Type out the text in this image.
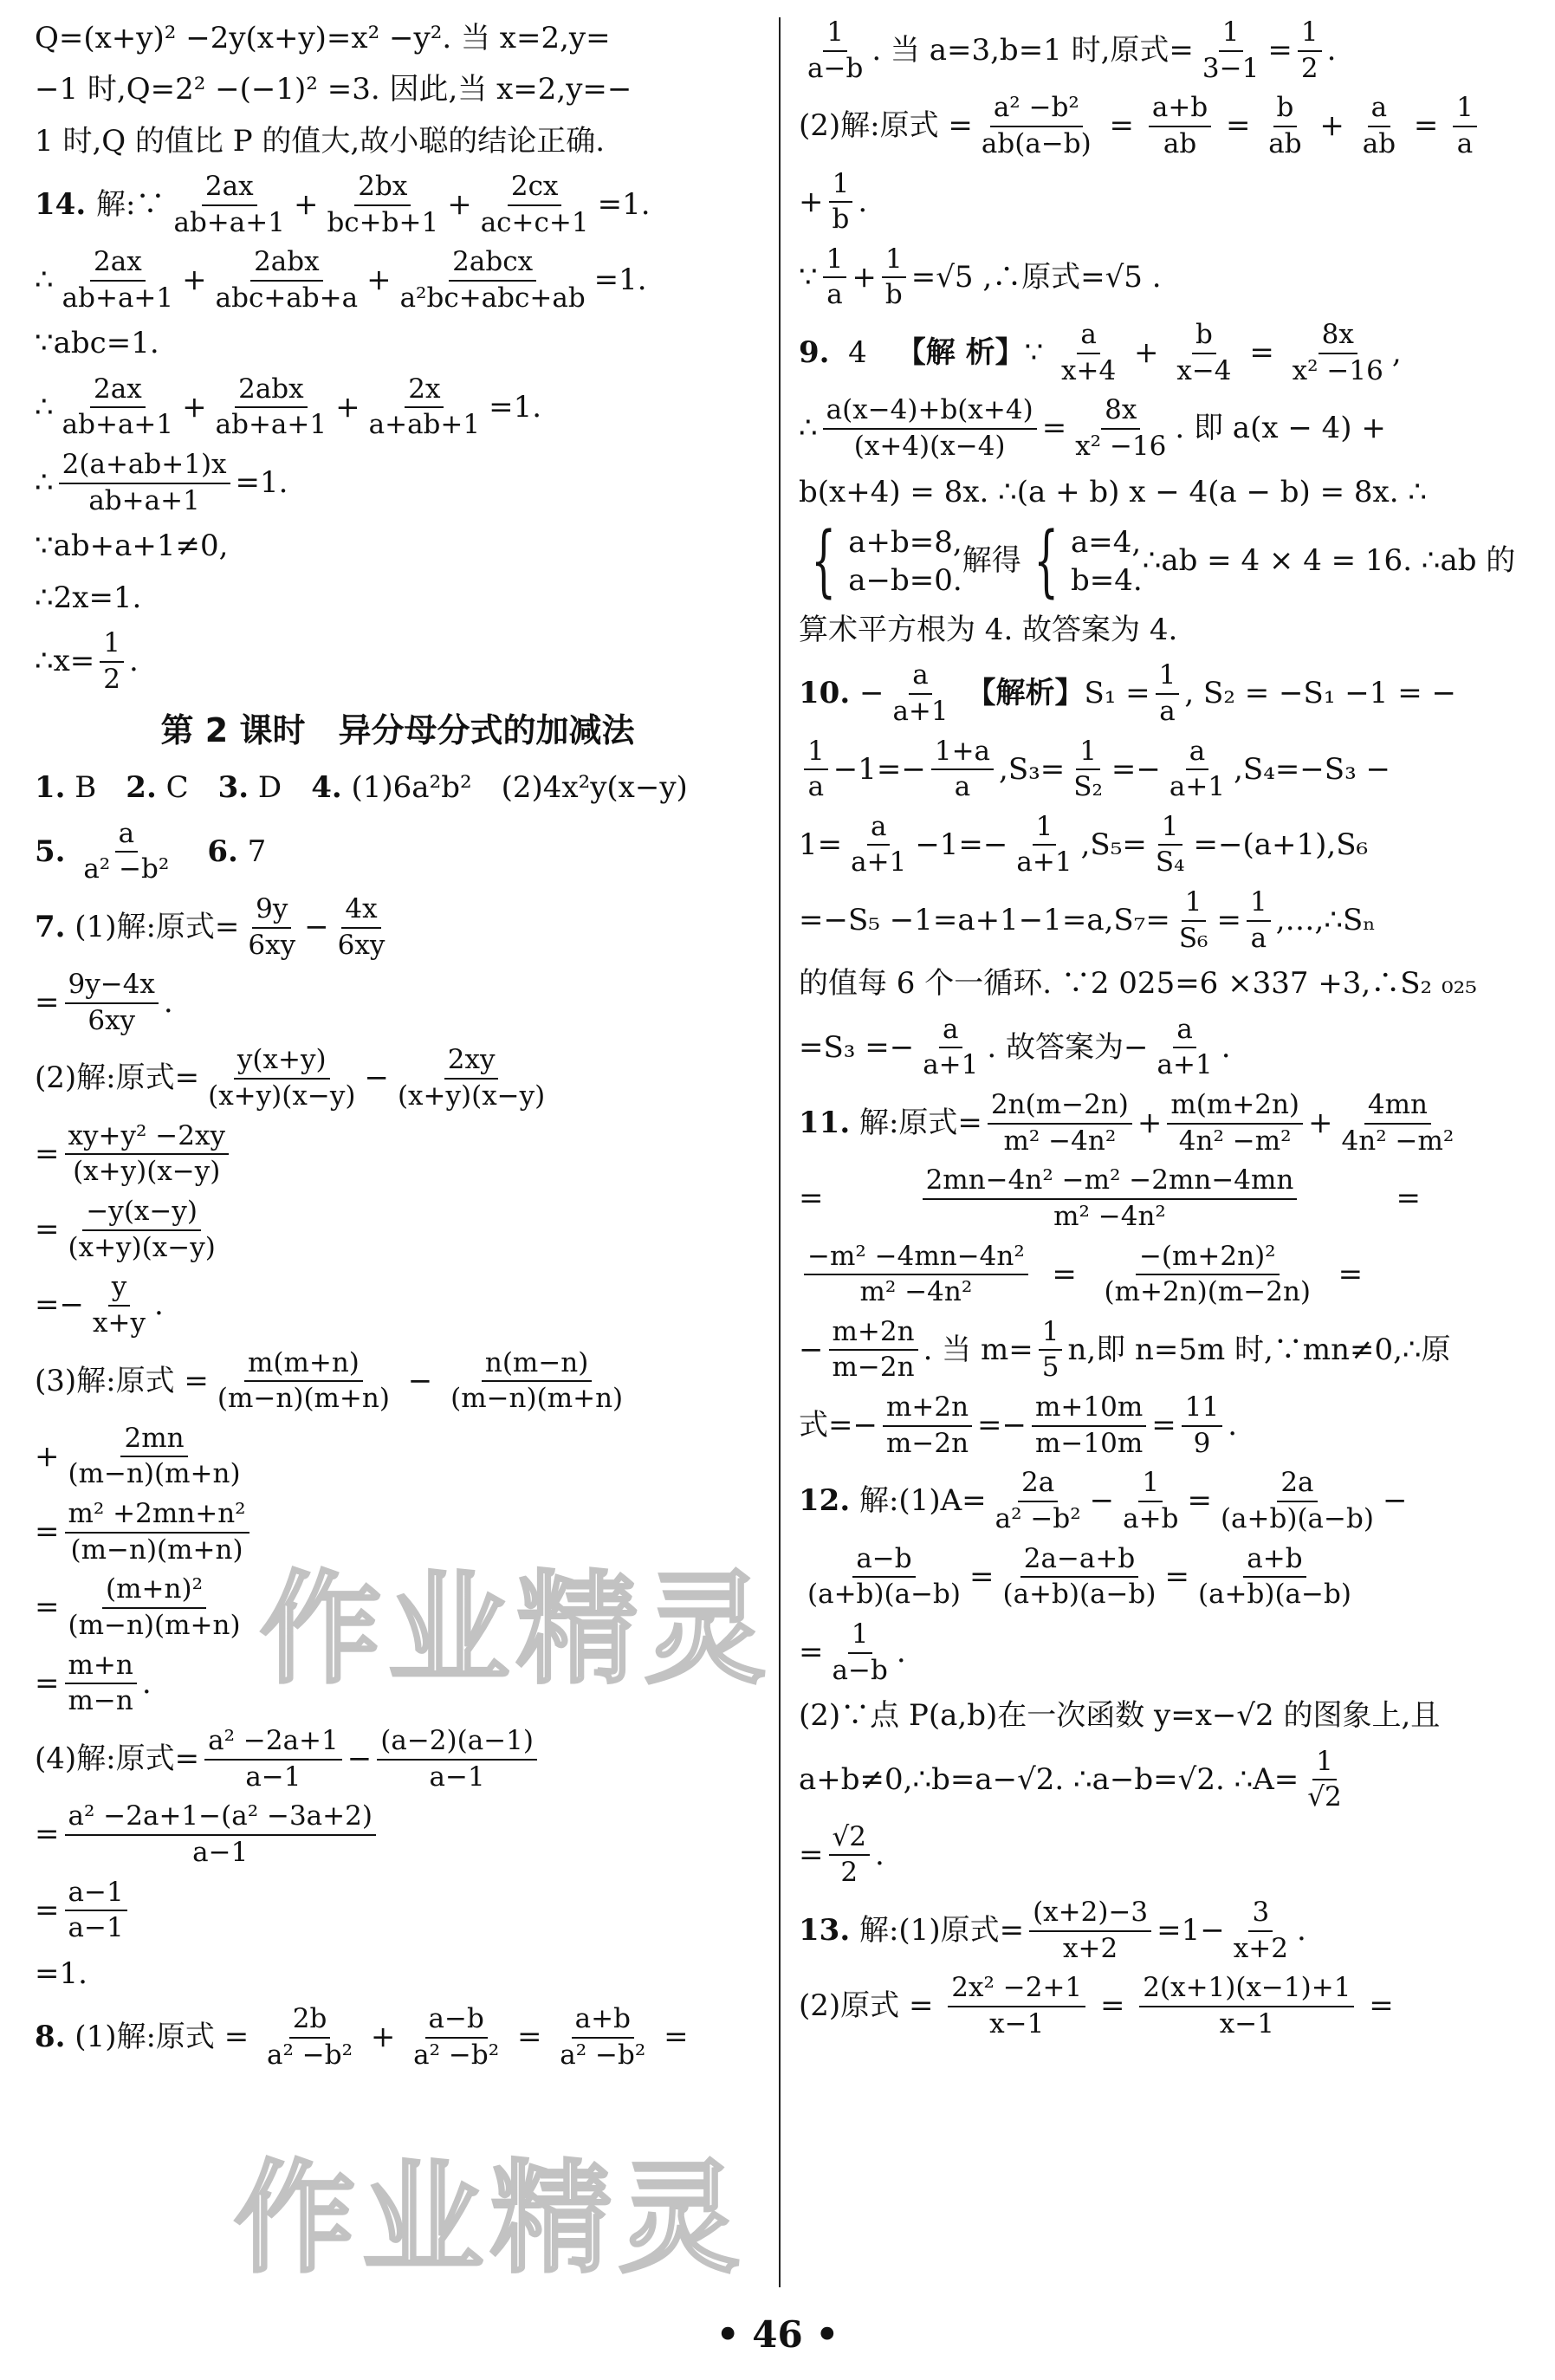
Q=(x+y)² −2y(x+y)=x² −y². 当 x=2,y=
−1 时,Q=2² −(−1)² =3. 因此,当 x=2,y=−
1 时,Q 的值比 P 的值大,故小聪的结论正确.
14. 解:∵ $\frac{2ax}{ab+a+1} + \frac{2bx}{bc+b+1} + \frac{2cx}{ac+c+1} =1$.
∴ $\frac{2ax}{ab+a+1} + \frac{\text{2abx}}{\text{abc+ab+a}} + \frac{\text{2abcx}}{\text{a²bc+abc+ab}} =1$.
∵abc=1.
∴ $\frac{2ax}{ab+a+1} + \frac{\text{2abx}}{ab+a+1} + \frac{2x}{a+ab+1} =1$.
∴ $\frac{2(a+ab+1)x}{ab+a+1} =1$.
∵ab+a+1≠0,
∴2x=1.
∴x= $\frac{1}{2}$ .
第 2 课时　异分母分式的加减法
1. B　 2. C　 3. D　 4. (1)6a²b²　(2)4x²y(x−y)
5.
$\frac{a}{\text{a² −b²}}$
　 6. 7
7. (1)解:原式= $\frac{9y}{6xy} - \frac{4x}{6xy}$
= $\frac{9y-4x}{6xy}$ .
(2)解:原式= $\frac{y(x+y)}{(x+y)(x-y)} - \frac{2xy}{(x+y)(x-y)}$
= $\frac{\text{xy+y² −2xy}}{(x+y)(x-y)}$
= $\frac{-y(x-y)}{(x+y)(x-y)}$
=− $\frac{y}{x+y}$ .
(3)解:原式 = $\frac{m(m+n)}{(m-n)(m+n)} - \frac{n(m-n)}{(m-n)(m+n)}$
+ $\frac{2mn}{(m-n)(m+n)}$
= $\frac{\text{m² +2mn+n²}}{(m-n)(m+n)}$
= $\frac{\text{(m+n)²}}{(m-n)(m+n)}$
= $\frac{m+n}{m-n}$ .
(4)解:原式= $\frac{\text{a² −2a+1}}{a-1} - \frac{(a-2)(a-1)}{a-1}$
= $\frac{\text{a² −2a+1−(a² −3a+2)}}{a-1}$
= $\frac{a-1}{a-1}$
=1.
8. (1)解:原式 = $\frac{2b}{\text{a² −b²}} + \frac{a-b}{\text{a² −b²}} = \frac{a+b}{\text{a² −b²}}$ =
$\frac{1}{a-b}$ . 当 a=3,b=1 时,原式= $\frac{1}{3-1} = \frac{1}{2}$ .
(2)解:原式 = $\frac{\text{a² −b²}}{ab(a-b)} = \frac{a+b}{ab} = \frac{b}{ab} + \frac{a}{ab} = \frac{1}{a}$
+ $\frac{1}{b}$ .
∵ $\frac{1}{a} + \frac{1}{b} =√5$ ,∴原式=√5 .
9. 4　 【解 析】 ∵ $\frac{a}{x+4} + \frac{b}{x-4} = \frac{8x}{\text{x² −16}}$ ,
∴ $\frac{a(x-4)+b(x+4)}{(x+4)(x-4)} = \frac{8x}{\text{x² −16}}$ . 即 a(x − 4) +
b(x+4) = 8x. ∴(a + b) x − 4(a − b) = 8x. ∴
{ a+b=8,
a−b=0.
解得 { a=4,
b=4.
∴ab = 4 × 4 = 16. ∴ab 的
算术平方根为 4. 故答案为 4.
10. − $\frac{a}{a+1}$
【解析】 $S_1 = \frac{1}{a}$ , S₂ = −S₁ −1 = −
$\frac{1}{a} -1=- \frac{1+a}{a} ,S_3= \frac{1}{\text{S₂}} =- \frac{a}{a+1} ,S_4=-S_3$ −
$1= \frac{a}{a+1} -1=- \frac{1}{a+1} ,S_5= \frac{1}{\text{S₄}} =-(a+1),S_6$
$=-S_5 -1=a+1-1=a,S_7= \frac{1}{\text{S₆}} = \frac{1}{a}$ ,…,∴Sₙ
的值每 6 个一循环. ∵2 025=6 ×337 +3,∴S₂ ₀₂₅
$=S_3 =- \frac{a}{a+1}$ . 故答案为− $\frac{a}{a+1}$ .
11. 解:原式= $\frac{2n(m-2n)}{\text{m² −4n²}} + \frac{m(m+2n)}{\text{4n² −m²}} + \frac{4mn}{\text{4n² −m²}}$
= $\frac{\text{2mn−4n² −m² −2mn−4mn}}{\text{m² −4n²}}$ =
$\frac{\text{−m² −4mn−4n²}}{\text{m² −4n²}} = \frac{\text{−(m+2n)²}}{(m+2n)(m-2n)}$ =
− $\frac{m+2n}{m-2n}$ . 当 $m= \frac{1}{5} n$,即 n=5m 时,∵mn≠0,∴原
式=− $\frac{m+2n}{m-2n} =- \frac{m+10m}{m-10m} = \frac{11}{9}$ .
12. 解:(1)A= $\frac{2a}{\text{a² −b²}} - \frac{1}{a+b} = \frac{2a}{(a+b)(a-b)}$ −
$\frac{a-b}{(a+b)(a-b)} = \frac{2a-a+b}{(a+b)(a-b)} = \frac{a+b}{(a+b)(a-b)}$
= $\frac{1}{a-b}$ .
(2)∵点 P(a,b)在一次函数 y=x−√2 的图象上,且
a+b≠0,∴b=a−√2. ∴a−b=√2. ∴A= $\frac{1}{√2}$
= $\frac{√2}{2}$ .
13. 解:(1)原式= $\frac{(x+2)-3}{x+2} =1- \frac{3}{x+2}$ .
(2)原式 = $\frac{\text{2x² −2+1}}{x-1} = \frac{2(x+1)(x-1)+1}{x-1}$ =
• 46 •
作业精灵
作业精灵
